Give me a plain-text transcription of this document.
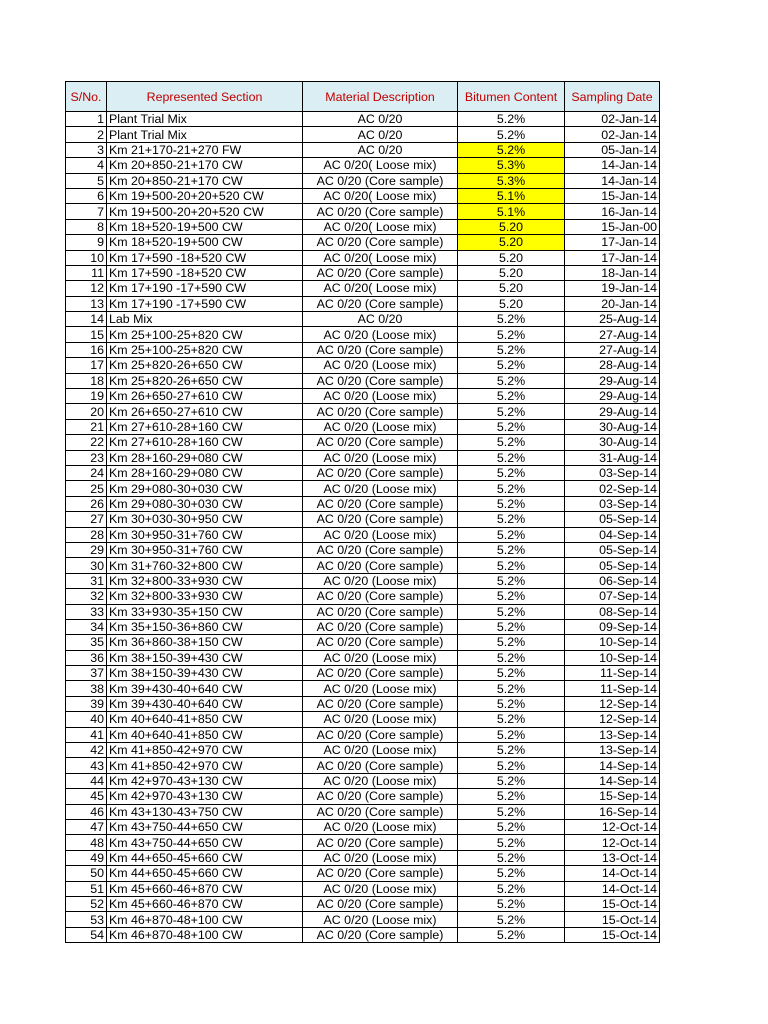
S/No.	Represented Section	Material Description	Bitumen Content	Sampling Date
1	Plant Trial Mix	AC 0/20	5.2%	02-Jan-14
2	Plant Trial Mix	AC 0/20	5.2%	02-Jan-14
3	Km 21+170-21+270 FW	AC 0/20	5.2%	05-Jan-14
4	Km 20+850-21+170 CW	AC 0/20( Loose mix)	5.3%	14-Jan-14
5	Km 20+850-21+170 CW	AC 0/20 (Core sample)	5.3%	14-Jan-14
6	Km 19+500-20+20+520 CW	AC 0/20( Loose mix)	5.1%	15-Jan-14
7	Km 19+500-20+20+520 CW	AC 0/20 (Core sample)	5.1%	16-Jan-14
8	Km 18+520-19+500 CW	AC 0/20( Loose mix)	5.20	15-Jan-00
9	Km 18+520-19+500 CW	AC 0/20 (Core sample)	5.20	17-Jan-14
10	Km 17+590 -18+520 CW	AC 0/20( Loose mix)	5.20	17-Jan-14
11	Km 17+590 -18+520 CW	AC 0/20 (Core sample)	5.20	18-Jan-14
12	Km 17+190 -17+590 CW	AC 0/20( Loose mix)	5.20	19-Jan-14
13	Km 17+190 -17+590 CW	AC 0/20 (Core sample)	5.20	20-Jan-14
14	Lab Mix	AC 0/20	5.2%	25-Aug-14
15	Km 25+100-25+820 CW	AC 0/20 (Loose mix)	5.2%	27-Aug-14
16	Km 25+100-25+820 CW	AC 0/20 (Core sample)	5.2%	27-Aug-14
17	Km 25+820-26+650 CW	AC 0/20 (Loose mix)	5.2%	28-Aug-14
18	Km 25+820-26+650 CW	AC 0/20 (Core sample)	5.2%	29-Aug-14
19	Km 26+650-27+610 CW	AC 0/20 (Loose mix)	5.2%	29-Aug-14
20	Km 26+650-27+610 CW	AC 0/20 (Core sample)	5.2%	29-Aug-14
21	Km 27+610-28+160 CW	AC 0/20 (Loose mix)	5.2%	30-Aug-14
22	Km 27+610-28+160 CW	AC 0/20 (Core sample)	5.2%	30-Aug-14
23	Km 28+160-29+080 CW	AC 0/20 (Loose mix)	5.2%	31-Aug-14
24	Km 28+160-29+080 CW	AC 0/20 (Core sample)	5.2%	03-Sep-14
25	Km 29+080-30+030 CW	AC 0/20 (Loose mix)	5.2%	02-Sep-14
26	Km 29+080-30+030 CW	AC 0/20 (Core sample)	5.2%	03-Sep-14
27	Km 30+030-30+950 CW	AC 0/20 (Core sample)	5.2%	05-Sep-14
28	Km 30+950-31+760 CW	AC 0/20 (Loose mix)	5.2%	04-Sep-14
29	Km 30+950-31+760 CW	AC 0/20 (Core sample)	5.2%	05-Sep-14
30	Km 31+760-32+800 CW	AC 0/20 (Core sample)	5.2%	05-Sep-14
31	Km 32+800-33+930 CW	AC 0/20 (Loose mix)	5.2%	06-Sep-14
32	Km 32+800-33+930 CW	AC 0/20 (Core sample)	5.2%	07-Sep-14
33	Km 33+930-35+150 CW	AC 0/20 (Core sample)	5.2%	08-Sep-14
34	Km 35+150-36+860 CW	AC 0/20 (Core sample)	5.2%	09-Sep-14
35	Km 36+860-38+150 CW	AC 0/20 (Core sample)	5.2%	10-Sep-14
36	Km 38+150-39+430 CW	AC 0/20 (Loose mix)	5.2%	10-Sep-14
37	Km 38+150-39+430 CW	AC 0/20 (Core sample)	5.2%	11-Sep-14
38	Km 39+430-40+640 CW	AC 0/20 (Loose mix)	5.2%	11-Sep-14
39	Km 39+430-40+640 CW	AC 0/20 (Core sample)	5.2%	12-Sep-14
40	Km 40+640-41+850 CW	AC 0/20 (Loose mix)	5.2%	12-Sep-14
41	Km 40+640-41+850 CW	AC 0/20 (Core sample)	5.2%	13-Sep-14
42	Km 41+850-42+970 CW	AC 0/20 (Loose mix)	5.2%	13-Sep-14
43	Km 41+850-42+970 CW	AC 0/20 (Core sample)	5.2%	14-Sep-14
44	Km 42+970-43+130 CW	AC 0/20 (Loose mix)	5.2%	14-Sep-14
45	Km 42+970-43+130 CW	AC 0/20 (Core sample)	5.2%	15-Sep-14
46	Km 43+130-43+750 CW	AC 0/20 (Core sample)	5.2%	16-Sep-14
47	Km 43+750-44+650 CW	AC 0/20 (Loose mix)	5.2%	12-Oct-14
48	Km 43+750-44+650 CW	AC 0/20 (Core sample)	5.2%	12-Oct-14
49	Km 44+650-45+660 CW	AC 0/20 (Loose mix)	5.2%	13-Oct-14
50	Km 44+650-45+660 CW	AC 0/20 (Core sample)	5.2%	14-Oct-14
51	Km 45+660-46+870 CW	AC 0/20 (Loose mix)	5.2%	14-Oct-14
52	Km 45+660-46+870 CW	AC 0/20 (Core sample)	5.2%	15-Oct-14
53	Km 46+870-48+100 CW	AC 0/20 (Loose mix)	5.2%	15-Oct-14
54	Km 46+870-48+100 CW	AC 0/20 (Core sample)	5.2%	15-Oct-14
